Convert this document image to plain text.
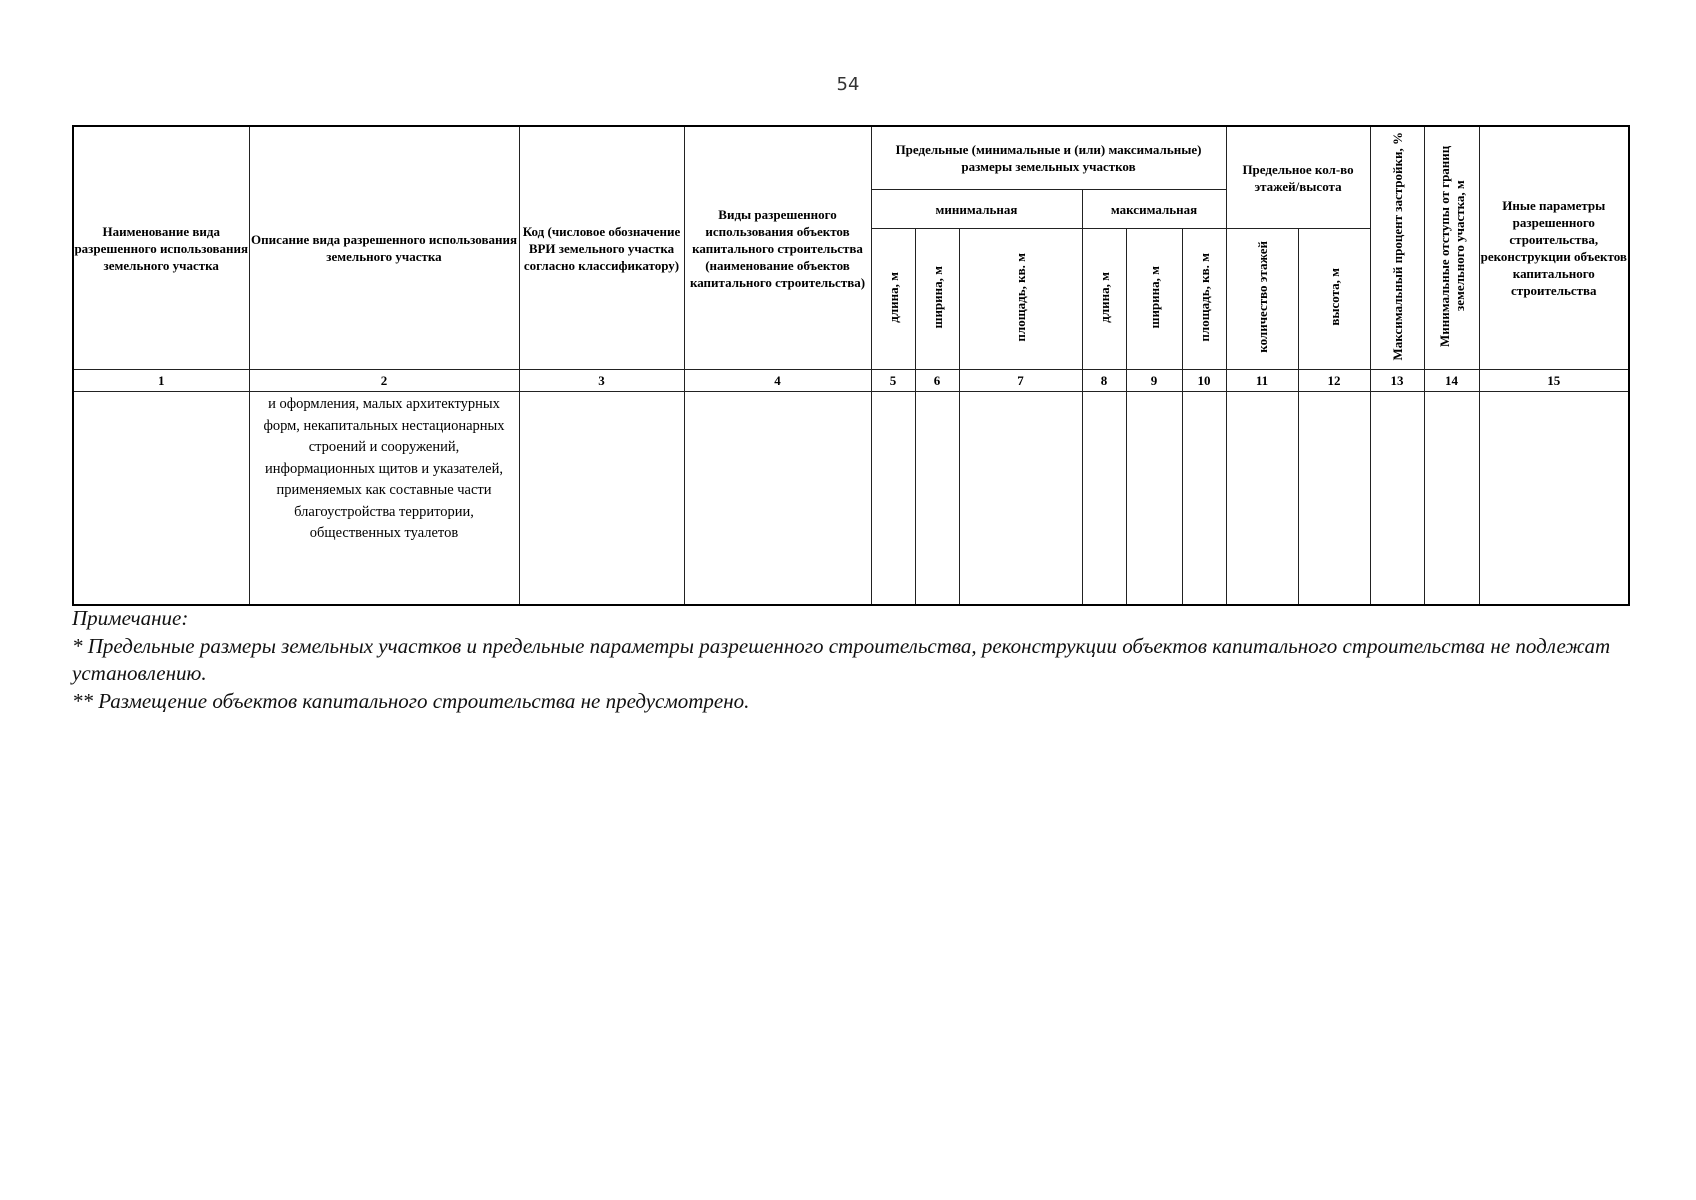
54
Наименование вида разрешенного использования земельного участка	Описание вида разрешенного использования земельного участка	Код (числовое обозначение ВРИ земельного участка согласно классификатору)	Виды разрешенного использования объектов капитального строительства (наименование объектов капитального строительства)	Предельные (минимальные и (или) максимальные) размеры земельных участков						Предельное кол-во этажей/высота		Максимальный процент застройки, %	Минимальные отступы от границ земельного участка, м	Иные параметры разрешенного строительства, реконструкции объектов капитального строительства
				минимальная			максимальная							
				длина, м	ширина, м	площадь, кв. м	длина, м	ширина, м	площадь, кв. м	количество этажей	высота, м			
1	2	3	4	5	6	7	8	9	10	11	12	13	14	15
	и оформления, малых архитектурных форм, некапитальных нестационарных строений и сооружений, информационных щитов и указателей, применяемых как составные части благоустройства территории, общественных туалетов													

Примечание:

* Предельные размеры земельных участков и предельные параметры разрешенного строительства, реконструкции объектов капитального строительства не подлежат установлению.

** Размещение объектов капитального строительства не предусмотрено.
